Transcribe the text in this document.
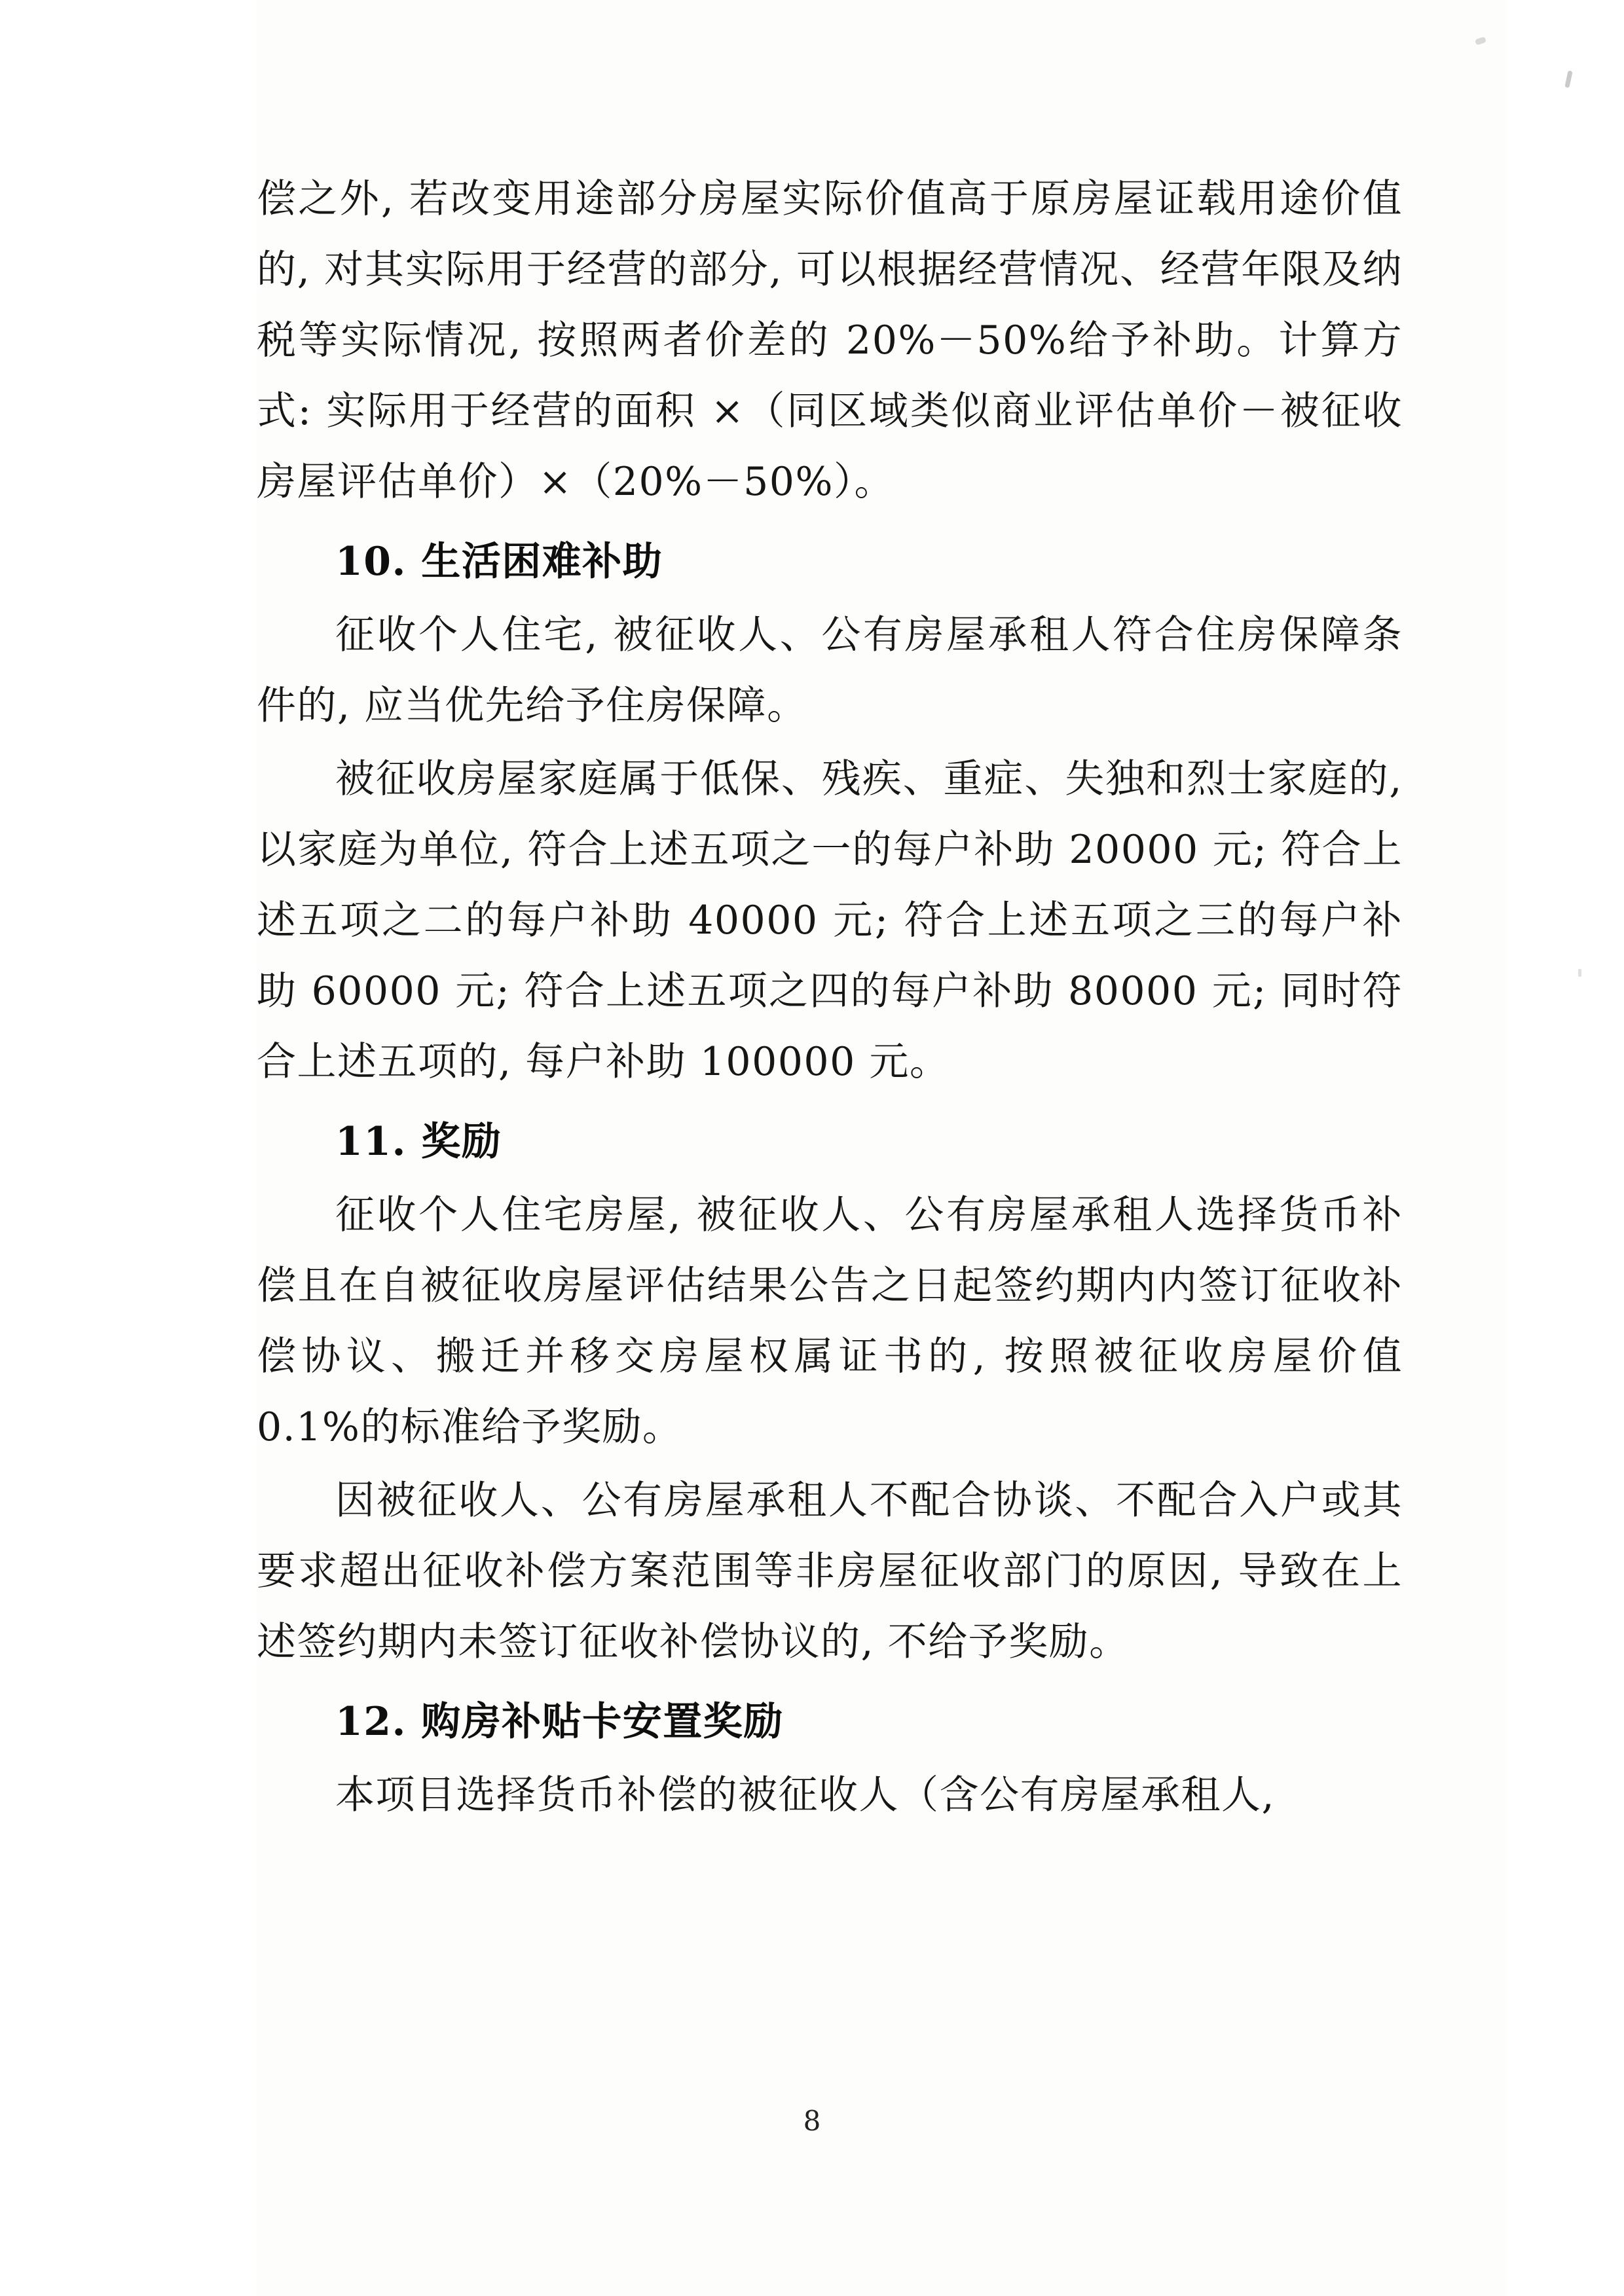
偿之外, 若改变用途部分房屋实际价值高于原房屋证载用途价值的, 对其实际用于经营的部分, 可以根据经营情况、经营年限及纳税等实际情况, 按照两者价差的 20%－50%给予补助。计算方式: 实际用于经营的面积 ×（同区域类似商业评估单价－被征收房屋评估单价）×（20%－50%）。

10. 生活困难补助

征收个人住宅, 被征收人、公有房屋承租人符合住房保障条件的, 应当优先给予住房保障。

被征收房屋家庭属于低保、残疾、重症、失独和烈士家庭的, 以家庭为单位, 符合上述五项之一的每户补助 20000 元; 符合上述五项之二的每户补助 40000 元; 符合上述五项之三的每户补助 60000 元; 符合上述五项之四的每户补助 80000 元; 同时符合上述五项的, 每户补助 100000 元。

11. 奖励

征收个人住宅房屋, 被征收人、公有房屋承租人选择货币补偿且在自被征收房屋评估结果公告之日起签约期内内签订征收补偿协议、搬迁并移交房屋权属证书的, 按照被征收房屋价值 0.1%的标准给予奖励。

因被征收人、公有房屋承租人不配合协谈、不配合入户或其要求超出征收补偿方案范围等非房屋征收部门的原因, 导致在上述签约期内未签订征收补偿协议的, 不给予奖励。

12. 购房补贴卡安置奖励

本项目选择货币补偿的被征收人（含公有房屋承租人,

8
